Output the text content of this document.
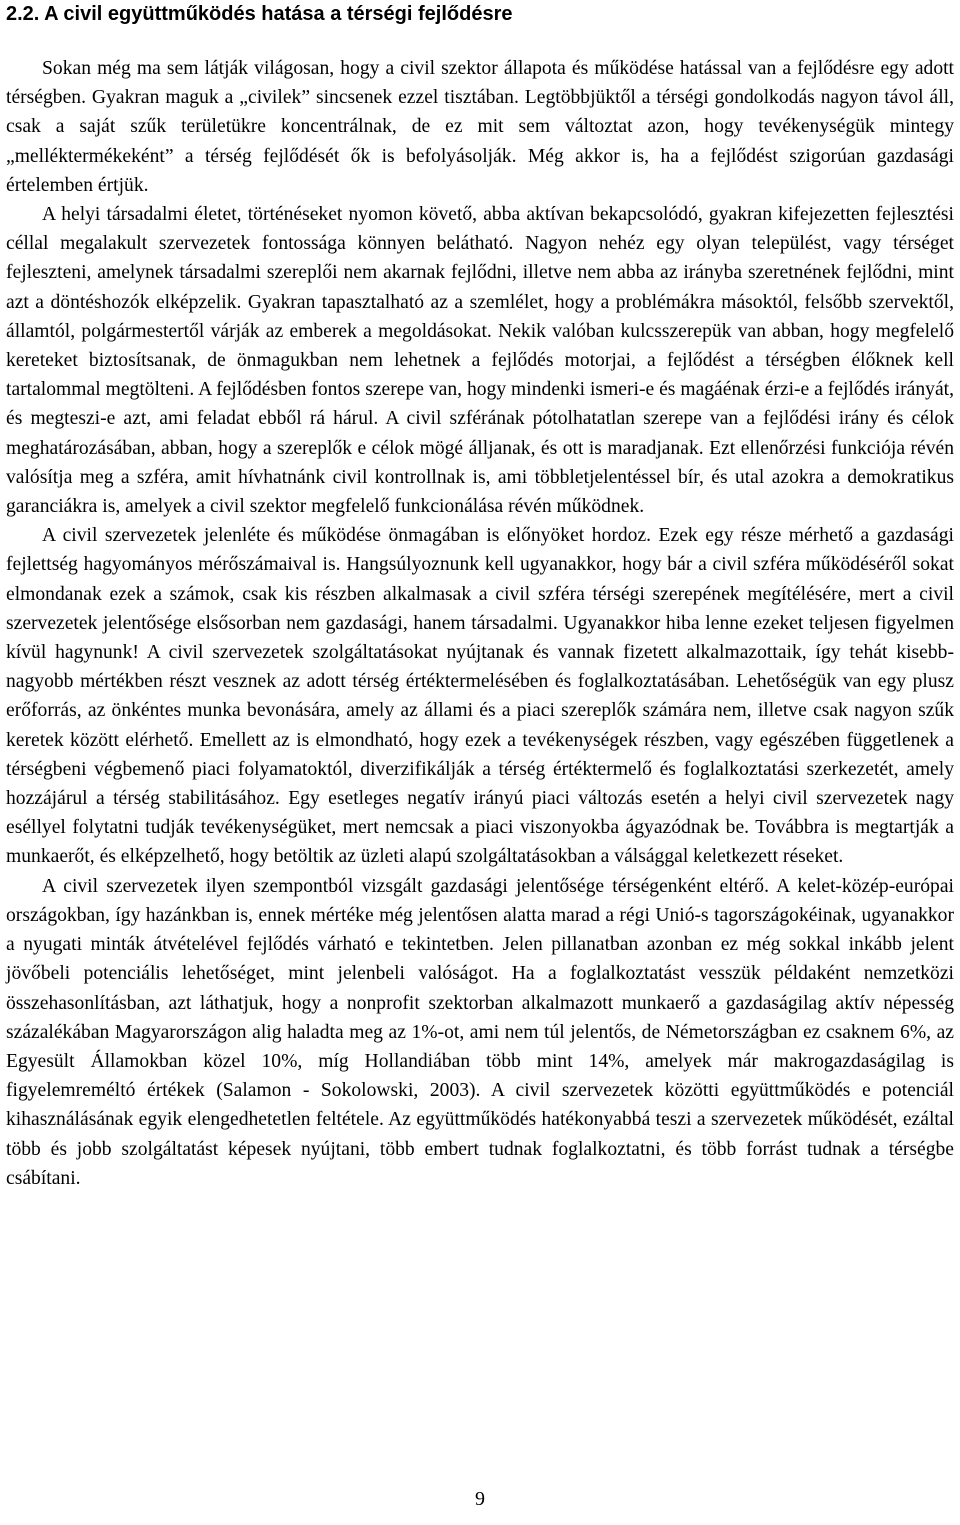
2.2. A civil együttműködés hatása a térségi fejlődésre

Sokan még ma sem látják világosan, hogy a civil szektor állapota és működése hatással van a fejlődésre egy adott térségben. Gyakran maguk a „civilek” sincsenek ezzel tisztában. Legtöbbjüktől a térségi gondolkodás nagyon távol áll, csak a saját szűk területükre koncentrálnak, de ez mit sem változtat azon, hogy tevékenységük mintegy „melléktermékeként” a térség fejlődését ők is befolyásolják. Még akkor is, ha a fejlődést szigorúan gazdasági értelemben értjük.

A helyi társadalmi életet, történéseket nyomon követő, abba aktívan bekapcsolódó, gyakran kifejezetten fejlesztési céllal megalakult szervezetek fontossága könnyen belátható. Nagyon nehéz egy olyan települést, vagy térséget fejleszteni, amelynek társadalmi szereplői nem akarnak fejlődni, illetve nem abba az irányba szeretnének fejlődni, mint azt a döntéshozók elképzelik. Gyakran tapasztalható az a szemlélet, hogy a problémákra másoktól, felsőbb szervektől, államtól, polgármestertől várják az emberek a megoldásokat. Nekik valóban kulcsszerepük van abban, hogy megfelelő kereteket biztosítsanak, de önmagukban nem lehetnek a fejlődés motorjai, a fejlődést a térségben élőknek kell tartalommal megtölteni. A fejlődésben fontos szerepe van, hogy mindenki ismeri-e és magáénak érzi-e a fejlődés irányát, és megteszi-e azt, ami feladat ebből rá hárul. A civil szférának pótolhatatlan szerepe van a fejlődési irány és célok meghatározásában, abban, hogy a szereplők e célok mögé álljanak, és ott is maradjanak. Ezt ellenőrzési funkciója révén valósítja meg a szféra, amit hívhatnánk civil kontrollnak is, ami többletjelentéssel bír, és utal azokra a demokratikus garanciákra is, amelyek a civil szektor megfelelő funkcionálása révén működnek.

A civil szervezetek jelenléte és működése önmagában is előnyöket hordoz. Ezek egy része mérhető a gazdasági fejlettség hagyományos mérőszámaival is. Hangsúlyoznunk kell ugyanakkor, hogy bár a civil szféra működéséről sokat elmondanak ezek a számok, csak kis részben alkalmasak a civil szféra térségi szerepének megítélésére, mert a civil szervezetek jelentősége elsősorban nem gazdasági, hanem társadalmi. Ugyanakkor hiba lenne ezeket teljesen figyelmen kívül hagynunk! A civil szervezetek szolgáltatásokat nyújtanak és vannak fizetett alkalmazottaik, így tehát kisebb-nagyobb mértékben részt vesznek az adott térség értéktermelésében és foglalkoztatásában. Lehetőségük van egy plusz erőforrás, az önkéntes munka bevonására, amely az állami és a piaci szereplők számára nem, illetve csak nagyon szűk keretek között elérhető. Emellett az is elmondható, hogy ezek a tevékenységek részben, vagy egészében függetlenek a térségbeni végbemenő piaci folyamatoktól, diverzifikálják a térség értéktermelő és foglalkoztatási szerkezetét, amely hozzájárul a térség stabilitásához. Egy esetleges negatív irányú piaci változás esetén a helyi civil szervezetek nagy eséllyel folytatni tudják tevékenységüket, mert nemcsak a piaci viszonyokba ágyazódnak be. Továbbra is megtartják a munkaerőt, és elképzelhető, hogy betöltik az üzleti alapú szolgáltatásokban a válsággal keletkezett réseket.

A civil szervezetek ilyen szempontból vizsgált gazdasági jelentősége térségenként eltérő. A kelet-közép-európai országokban, így hazánkban is, ennek mértéke még jelentősen alatta marad a régi Unió-s tagországokéinak, ugyanakkor a nyugati minták átvételével fejlődés várható e tekintetben. Jelen pillanatban azonban ez még sokkal inkább jelent jövőbeli potenciális lehetőséget, mint jelenbeli valóságot. Ha a foglalkoztatást vesszük példaként nemzetközi összehasonlításban, azt láthatjuk, hogy a nonprofit szektorban alkalmazott munkaerő a gazdaságilag aktív népesség százalékában Magyarországon alig haladta meg az 1%-ot, ami nem túl jelentős, de Németországban ez csaknem 6%, az Egyesült Államokban közel 10%, míg Hollandiában több mint 14%, amelyek már makrogazdaságilag is figyelemreméltó értékek (Salamon - Sokolowski, 2003). A civil szervezetek közötti együttműködés e potenciál kihasználásának egyik elengedhetetlen feltétele. Az együttműködés hatékonyabbá teszi a szervezetek működését, ezáltal több és jobb szolgáltatást képesek nyújtani, több embert tudnak foglalkoztatni, és több forrást tudnak a térségbe csábítani.

9
